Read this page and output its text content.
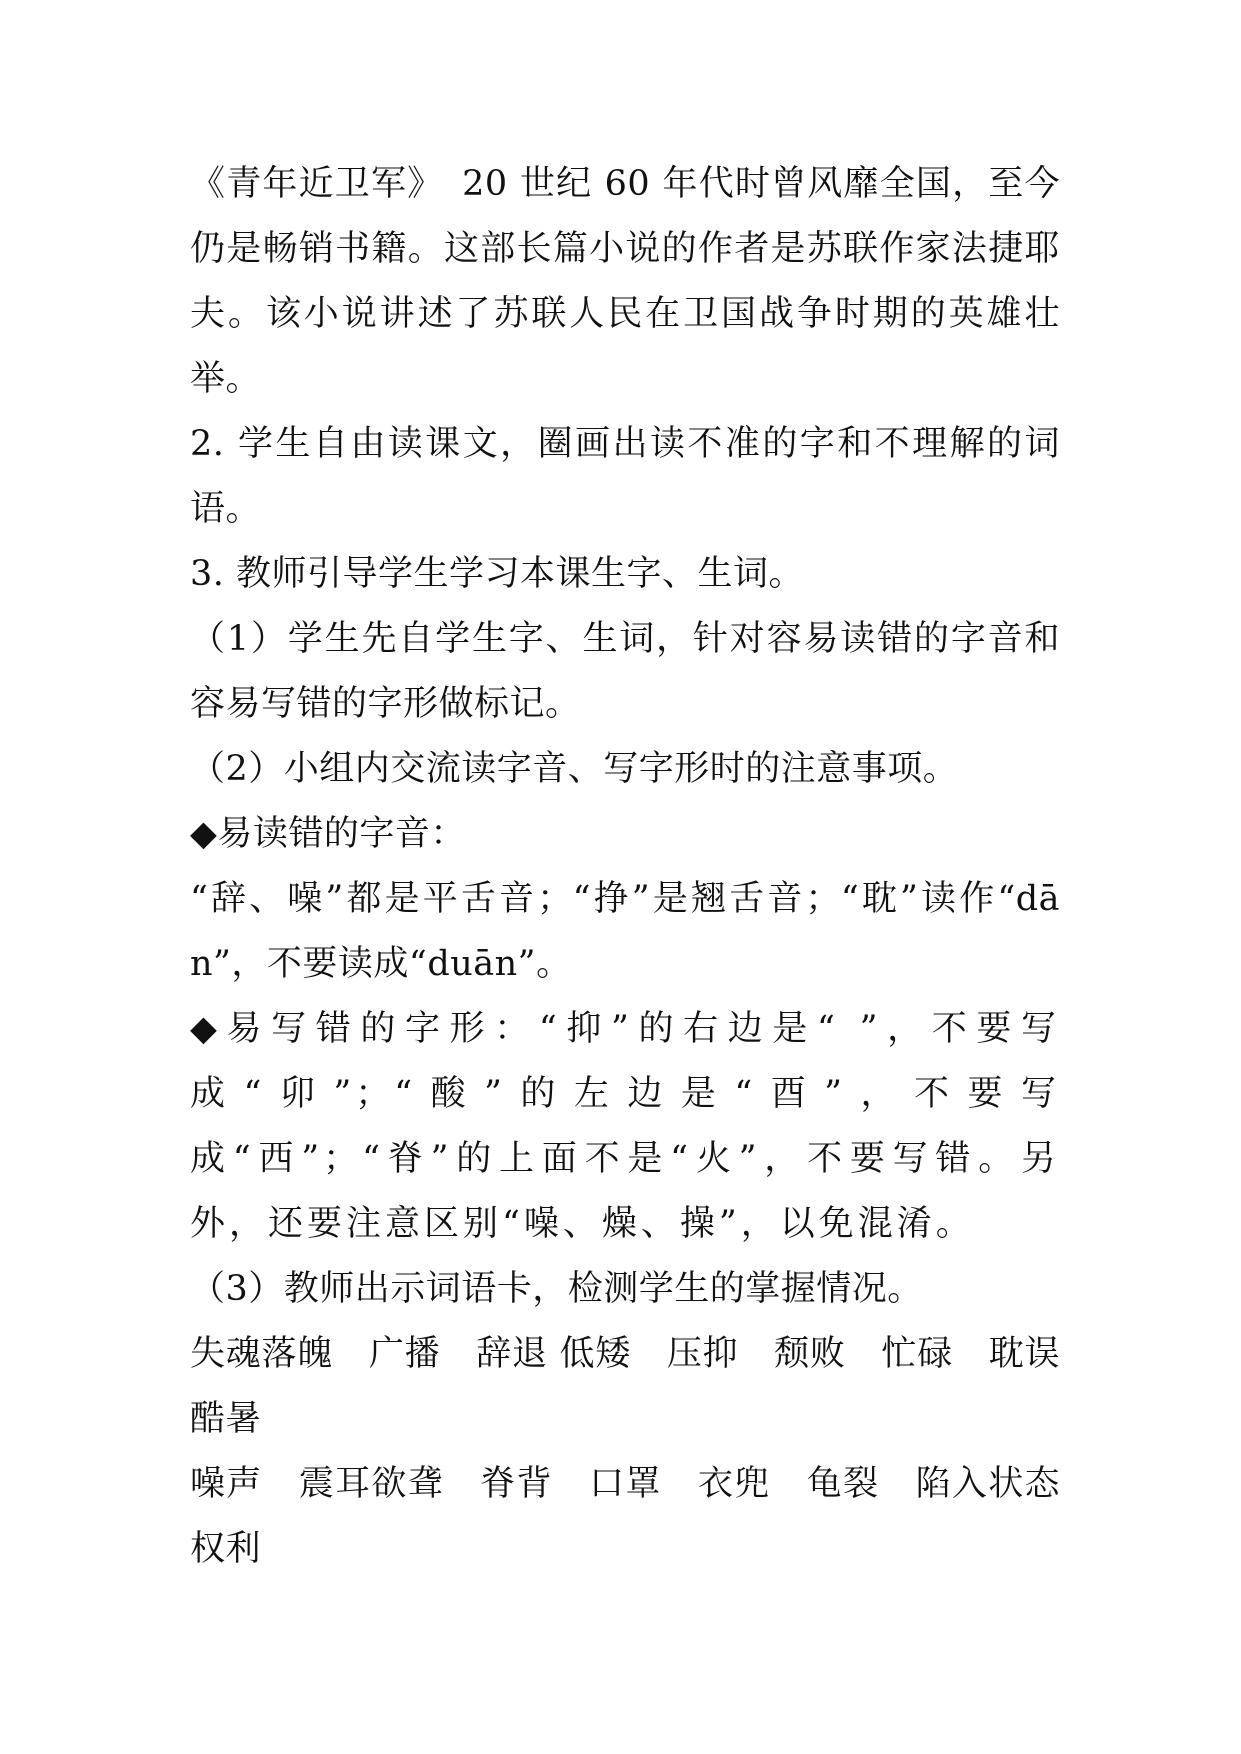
《青年近卫军》　20 世纪 60 年代时曾风靡全国，至今仍是畅销书籍。这部长篇小说的作者是苏联作家法捷耶夫。该小说讲述了苏联人民在卫国战争时期的英雄壮举。

2. 学生自由读课文，圈画出读不准的字和不理解的词语。

3. 教师引导学生学习本课生字、生词。

（1）学生先自学生字、生词，针对容易读错的字音和容易写错的字形做标记。

（2）小组内交流读字音、写字形时的注意事项。

◆易读错的字音：

“辞、噪”都是平舌音；“挣”是翘舌音；“耽”读作“dān”，不要读成“duān”。

◆易写错的字形：“抑”的右边是“ ”，不要写成“卯”；“酸”的左边是“酉”，不要写成“西”；“脊”的上面不是“火”，不要写错。另外，还要注意区别“噪、燥、操”，以免混淆。

（3）教师出示词语卡，检测学生的掌握情况。

失魂落魄　广播　辞退 低矮　压抑　颓败　忙碌　耽误　酷暑

噪声　震耳欲聋　脊背　口罩　衣兜　龟裂　陷入状态　权利
